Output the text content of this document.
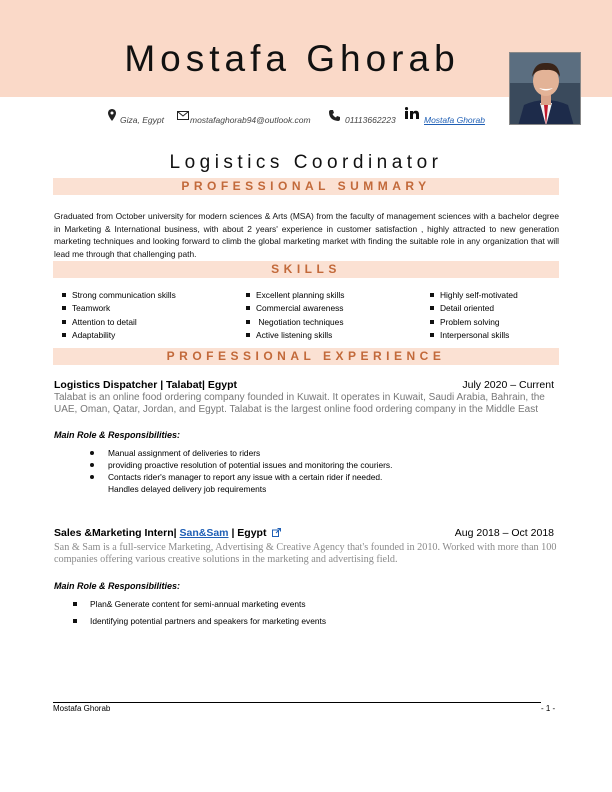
Mostafa Ghorab
Giza, Egypt	mostafaghorab94@outlook.com	01113662223	Mostafa Ghorab
Logistics Coordinator
PROFESSIONAL SUMMARY

Graduated from October university for modern sciences & Arts (MSA) from the faculty of management sciences with a bachelor degree in Marketing & International business, with about 2 years' experience in customer satisfaction , highly attracted to new generation marketing techniques and looking forward to climb the global marketing market with finding the suitable role in any organization that will lead me through that challenging path.

SKILLS
Strong communication skills
Teamwork
Attention to detail
Adaptability
Excellent planning skills
Commercial awareness
Negotiation techniques
Active listening skills
Highly self-motivated
Detail oriented
Problem solving
Interpersonal skills
PROFESSIONAL EXPERIENCE
Logistics Dispatcher | Talabat| Egypt	July 2020 – Current

Talabat is an online food ordering company founded in Kuwait. It operates in Kuwait, Saudi Arabia, Bahrain, the UAE, Oman, Qatar, Jordan, and Egypt. Talabat is the largest online food ordering company in the Middle East

Main Role & Responsibilities:
Manual assignment of deliveries to riders
providing proactive resolution of potential issues and monitoring the couriers.
Contacts rider's manager to report any issue with a certain rider if needed.
Handles delayed delivery job requirements
Sales &Marketing Intern| San&Sam | Egypt	Aug 2018 – Oct 2018

San & Sam is a full-service Marketing, Advertising & Creative Agency that's founded in 2010. Worked with more than 100 companies offering various creative solutions in the marketing and advertising field.

Main Role & Responsibilities:
Plan& Generate content for semi-annual marketing events
Identifying potential partners and speakers for marketing events
Mostafa Ghorab	- 1 -
